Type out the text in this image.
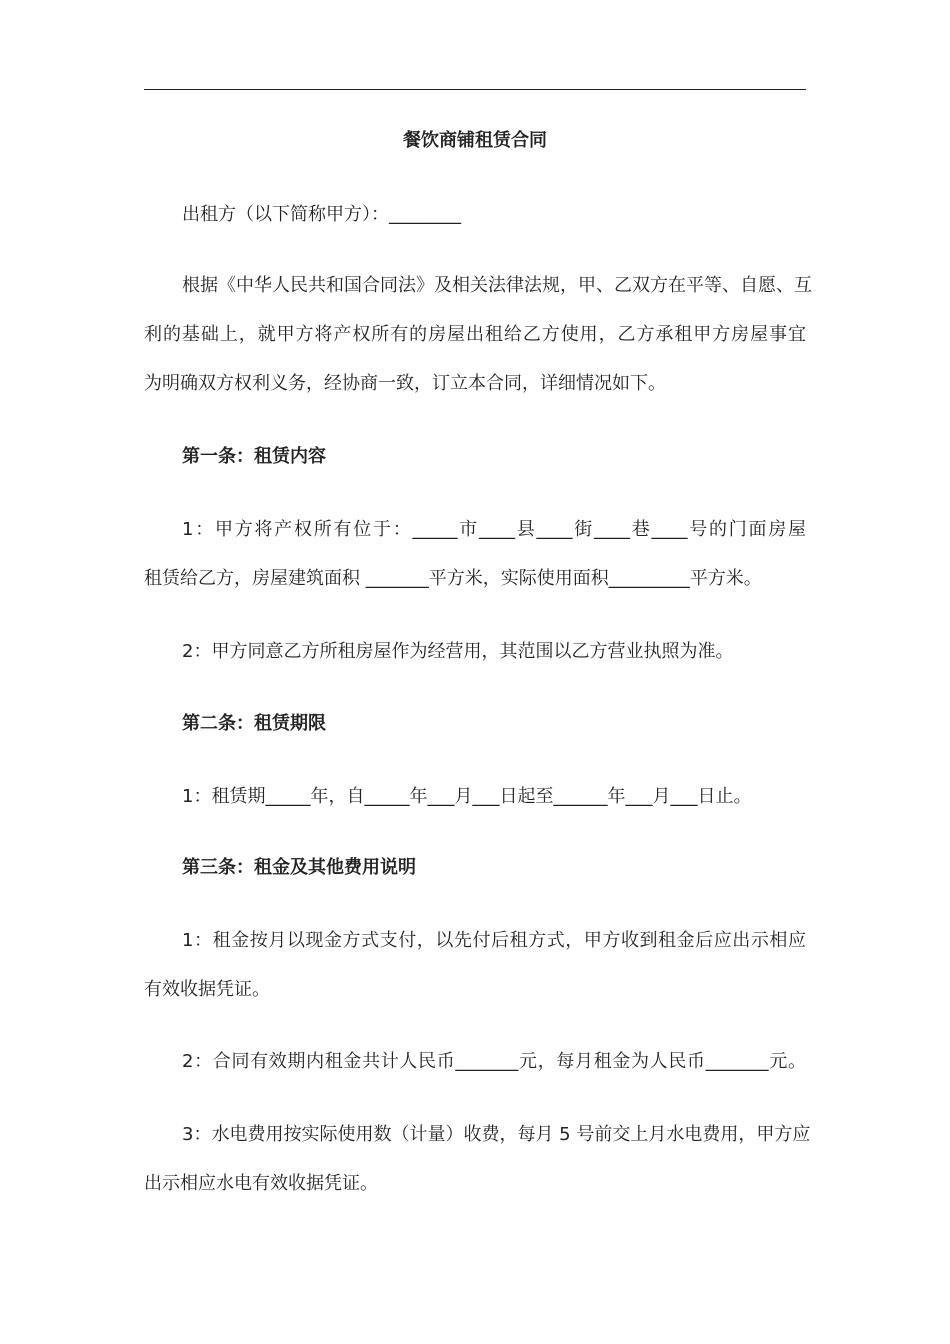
餐饮商铺租赁合同
出租方（以下简称甲方）：________
根据《中华人民共和国合同法》及相关法律法规，甲、乙双方在平等、自愿、互
利的基础上，就甲方将产权所有的房屋出租给乙方使用，乙方承租甲方房屋事宜
为明确双方权利义务，经协商一致，订立本合同，详细情况如下。
第一条：租赁内容
1：甲方将产权所有位于：_____市____县____街____巷____号的门面房屋
租赁给乙方，房屋建筑面积 _______平方米，实际使用面积_________平方米。
2：甲方同意乙方所租房屋作为经营用，其范围以乙方营业执照为准。
第二条：租赁期限
1：租赁期_____年，自_____年___月___日起至______年___月___日止。
第三条：租金及其他费用说明
1：租金按月以现金方式支付，以先付后租方式，甲方收到租金后应出示相应
有效收据凭证。
2：合同有效期内租金共计人民币_______元，每月租金为人民币_______元。
3：水电费用按实际使用数（计量）收费，每月 5 号前交上月水电费用，甲方应
出示相应水电有效收据凭证。
